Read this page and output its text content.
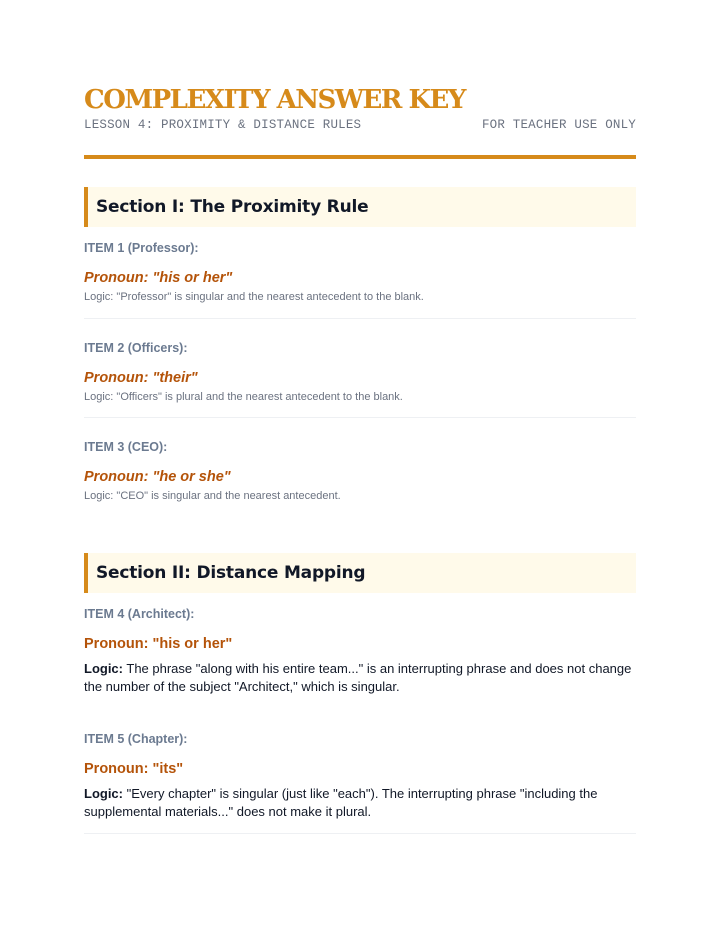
COMPLEXITY ANSWER KEY
LESSON 4: PROXIMITY & DISTANCE RULES	FOR TEACHER USE ONLY
Section I: The Proximity Rule
ITEM 1 (Professor):
Pronoun: "his or her"
Logic: "Professor" is singular and the nearest antecedent to the blank.
ITEM 2 (Officers):
Pronoun: "their"
Logic: "Officers" is plural and the nearest antecedent to the blank.
ITEM 3 (CEO):
Pronoun: "he or she"
Logic: "CEO" is singular and the nearest antecedent.
Section II: Distance Mapping
ITEM 4 (Architect):
Pronoun: "his or her"
Logic: The phrase "along with his entire team..." is an interrupting phrase and does not change the number of the subject "Architect," which is singular.
ITEM 5 (Chapter):
Pronoun: "its"
Logic: "Every chapter" is singular (just like "each"). The interrupting phrase "including the supplemental materials..." does not make it plural.
